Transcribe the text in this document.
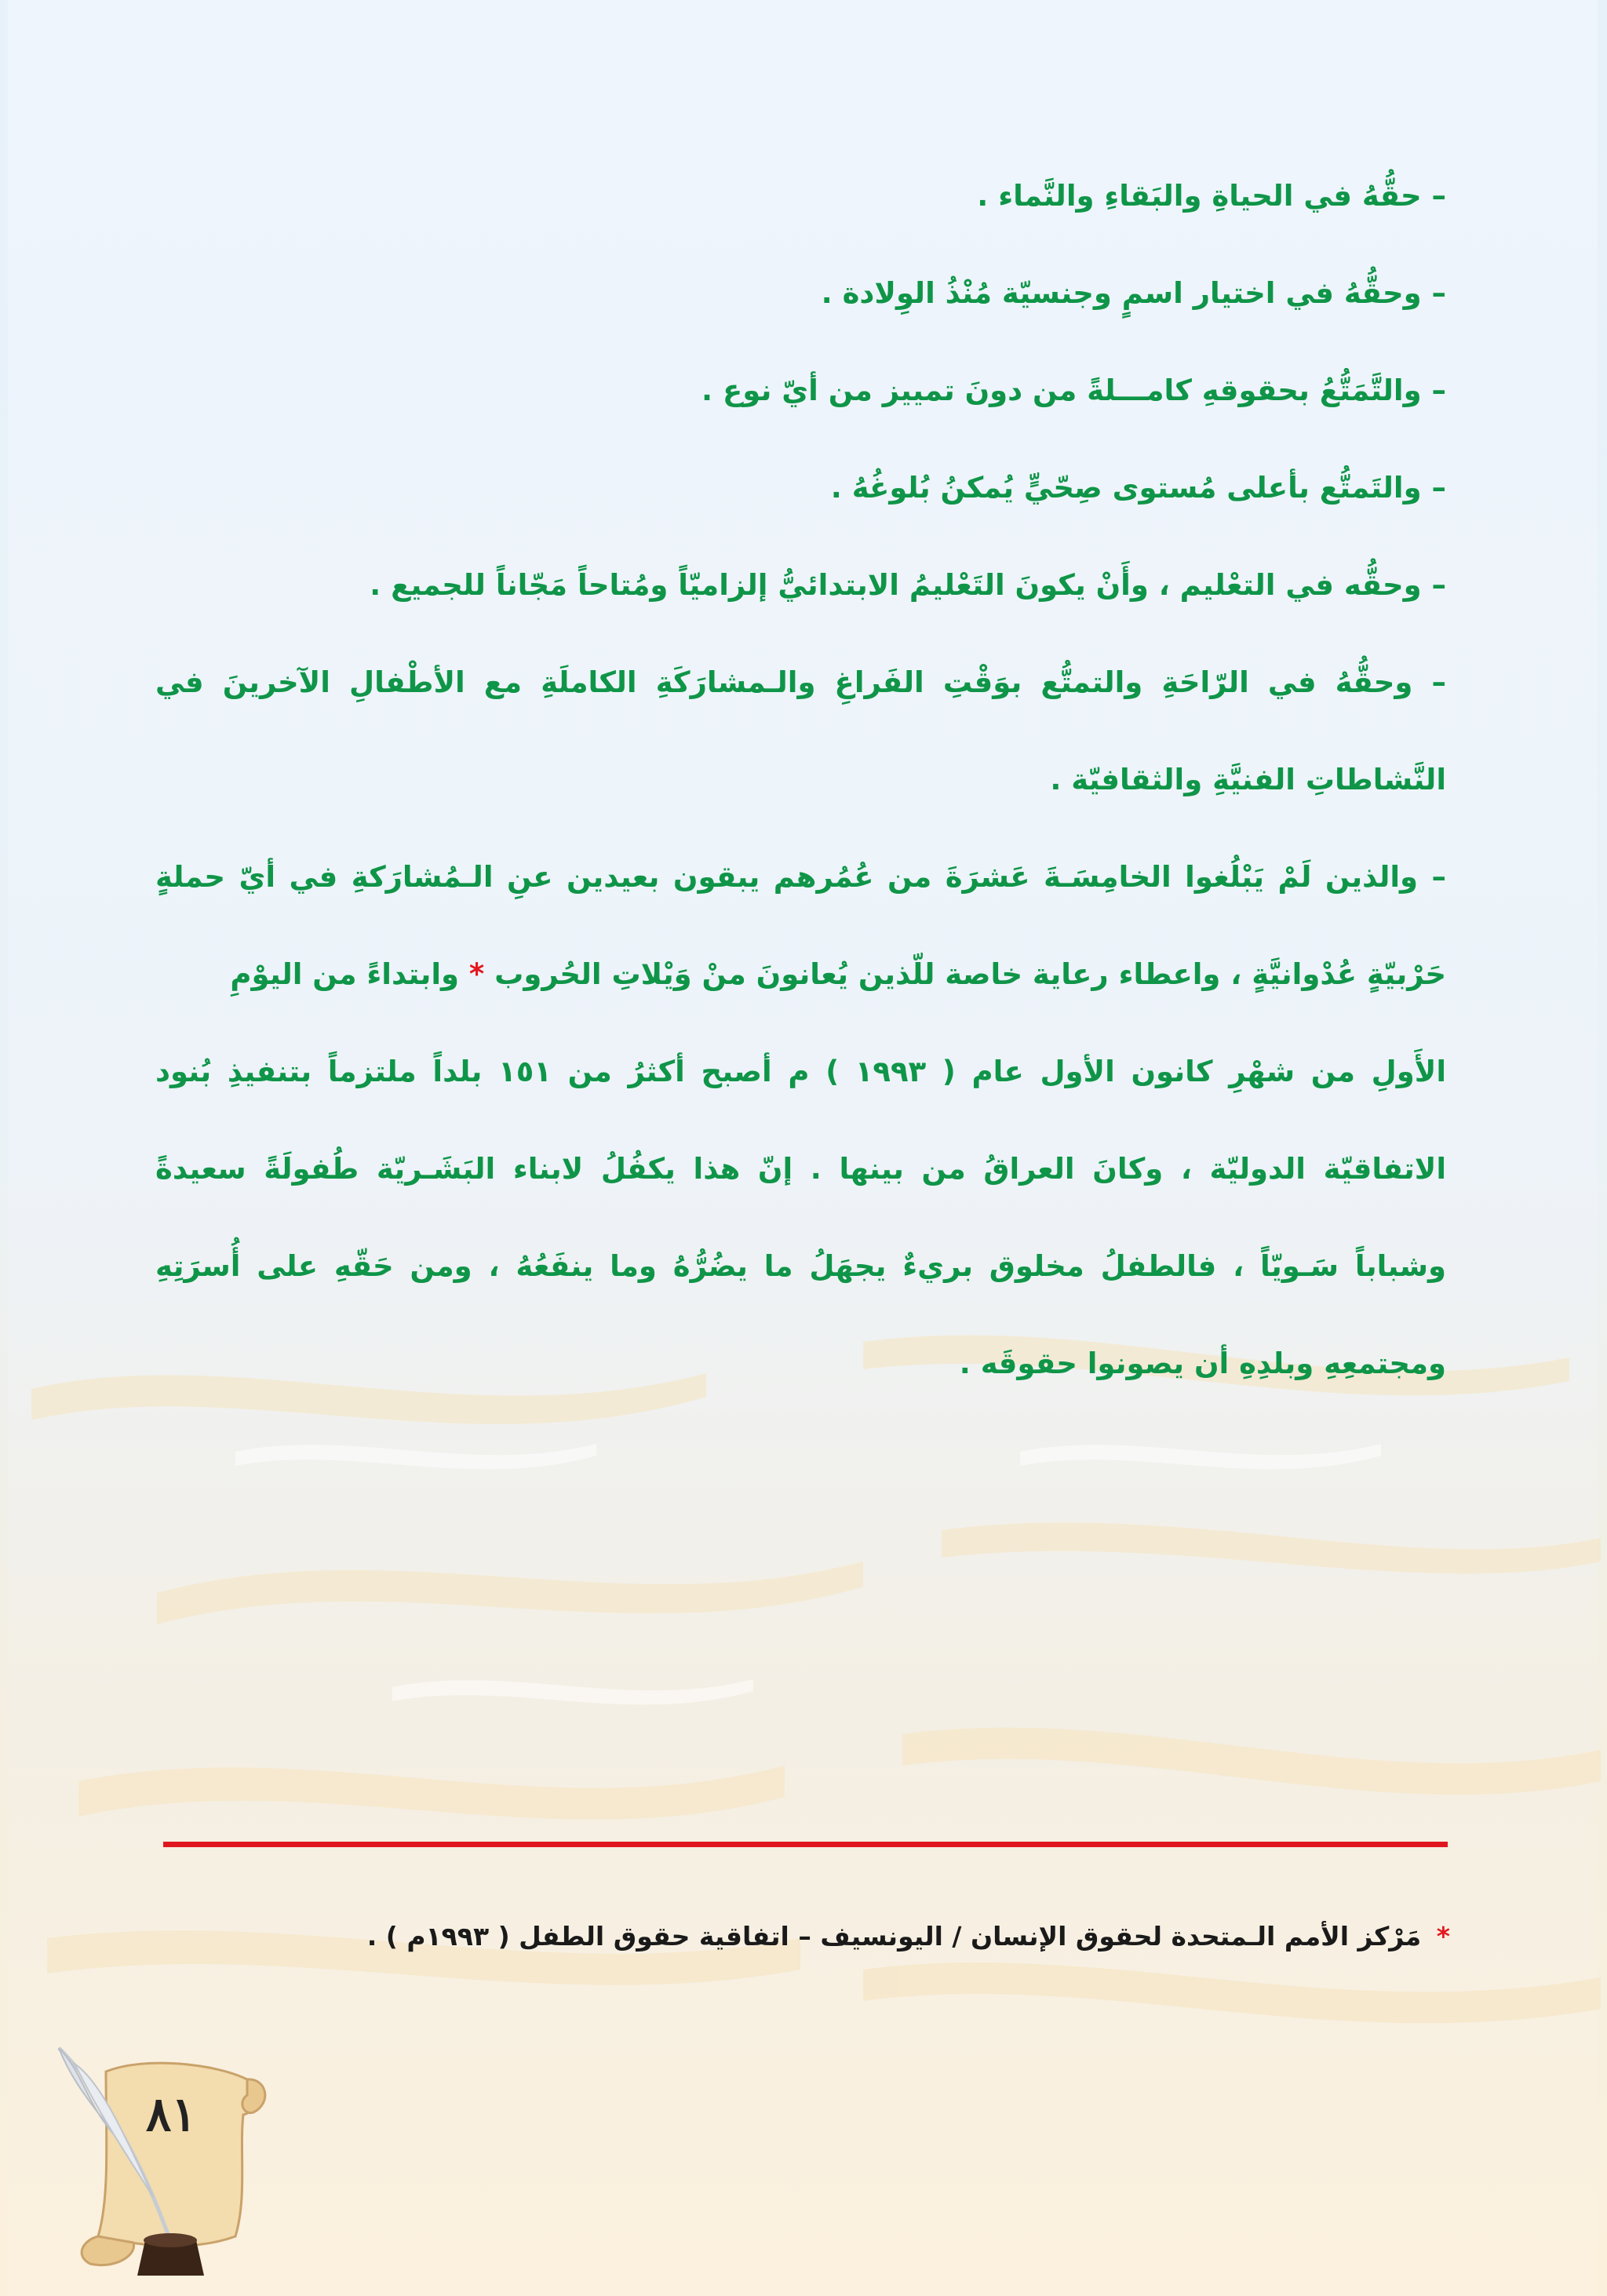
– حقُّهُ في الحياةِ والبَقاءِ والنَّماء .
– وحقُّهُ في اختيار اسمٍ وجنسيّة مُنْذُ الوِلادة .
– والتَّمَتُّعُ بحقوقهِ كامـــلةً من دونَ تمييز من أيّ نوع .
– والتَمتُّع بأعلى مُستوى صِحّيٍّ يُمكنُ بُلوغُهُ .
– وحقُّه في التعْليم ، وأَنْ يكونَ التَعْليمُ الابتدائيُّ إلزاميّاً ومُتاحاً مَجّاناً للجميع .
– وحقُّهُ في الرّاحَةِ والتمتُّع بوَقْتِ الفَراغِ والـمشارَكَةِ الكاملَةِ مع الأطْفالِ الآخرينَ في
النَّشاطاتِ الفنيَّةِ والثقافيّة .
– والذين لَمْ يَبْلُغوا الخامِسَـةَ عَشرَةَ من عُمُرهم يبقون بعيدين عنِ الـمُشارَكةِ في أيّ حملةٍ
حَرْبيّةٍ عُدْوانيَّةٍ ، واعطاء رعاية خاصة للّذين يُعانونَ منْ وَيْلاتِ الحُروب * وابتداءً من اليوْمِ
الأَولِ من شهْرِ كانون الأول عام ( ١٩٩٣ ) م أصبح أكثرُ من ١٥١ بلداً ملتزماً بتنفيذِ بُنود
الاتفاقيّة الدوليّة ، وكانَ العراقُ من بينها . إنّ هذا يكفُلُ لابناء البَشَـريّة طُفولَةً سعيدةً
وشباباً سَـويّاً ، فالطفلُ مخلوق بريءٌ يجهَلُ ما يضُرُّهُ وما ينفَعُهُ ، ومن حَقّهِ على أُسرَتِهِ
ومجتمعِهِ وبلدِهِ أن يصونوا حقوقَه .
* مَرْكز الأمم الـمتحدة لحقوق الإنسان / اليونسيف – اتفاقية حقوق الطفل ( ١٩٩٣م ) .
٨١
